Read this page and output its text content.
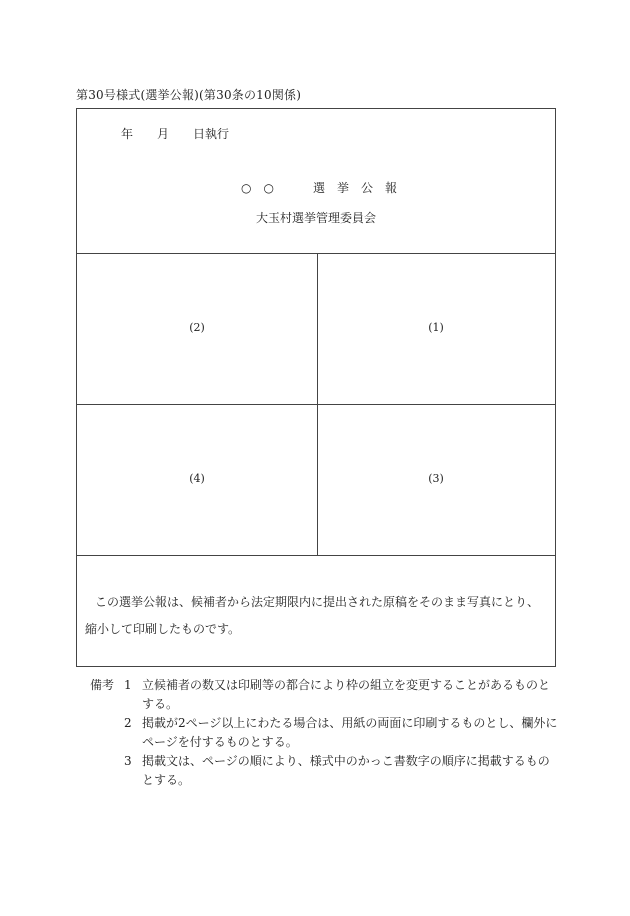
第30号様式(選挙公報)(第30条の10関係)
年　　月　　日執行
○　○	選　挙　公　報
大玉村選挙管理委員会
(2)	(1)
(4)	(3)
この選挙公報は、候補者から法定期限内に提出された原稿をそのまま写真にとり、縮小して印刷したものです。
備考 1 立候補者の数又は印刷等の都合により枠の組立を変更することがあるものとする。
2 掲載が2ページ以上にわたる場合は、用紙の両面に印刷するものとし、欄外にページを付するものとする。
3 掲載文は、ページの順により、様式中のかっこ書数字の順序に掲載するものとする。
